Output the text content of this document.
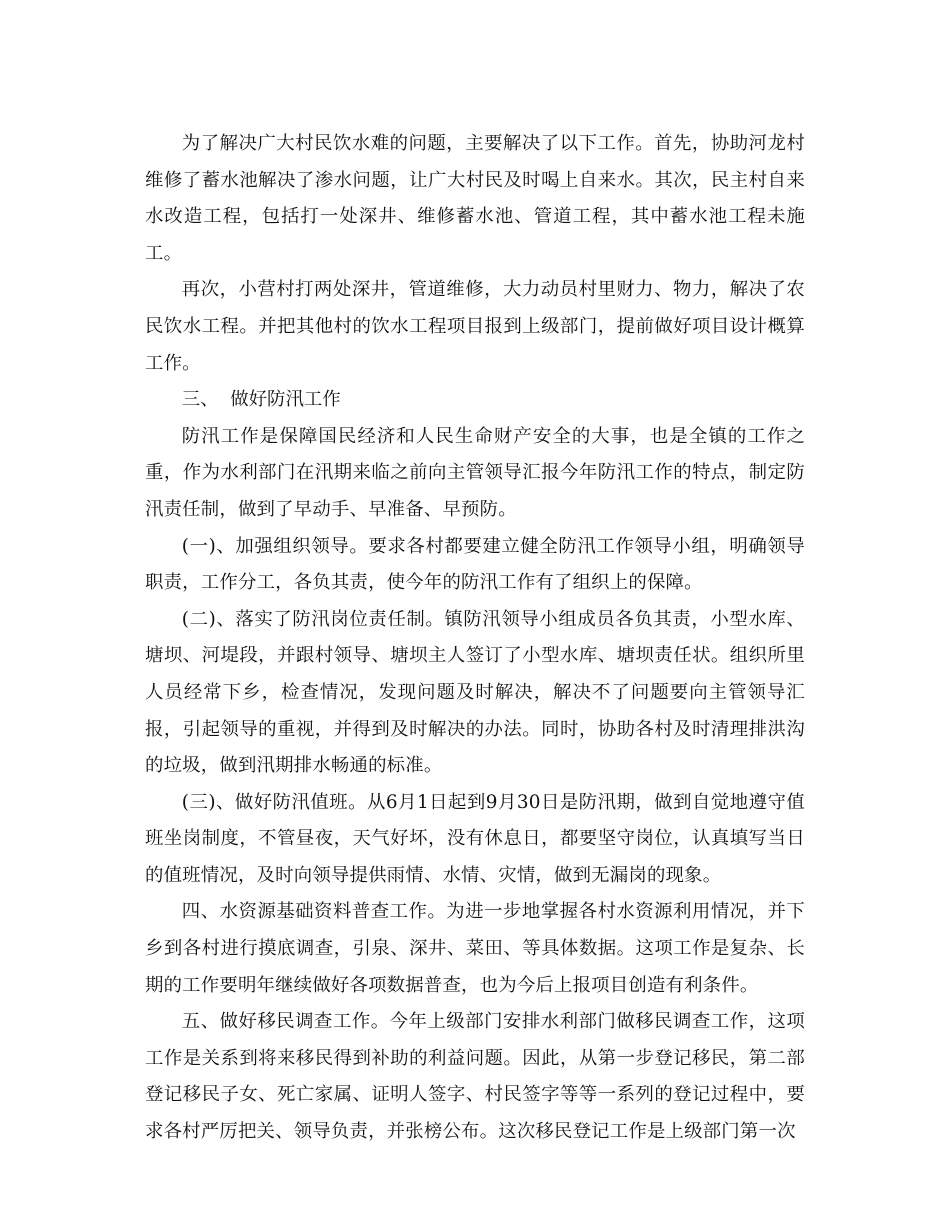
为了解决广大村民饮水难的问题，主要解决了以下工作。首先，协助河龙村维修了蓄水池解决了渗水问题，让广大村民及时喝上自来水。其次，民主村自来水改造工程，包括打一处深井、维修蓄水池、管道工程，其中蓄水池工程未施工。

再次，小营村打两处深井，管道维修，大力动员村里财力、物力，解决了农民饮水工程。并把其他村的饮水工程项目报到上级部门，提前做好项目设计概算工作。

三、  做好防汛工作

防汛工作是保障国民经济和人民生命财产安全的大事，也是全镇的工作之重，作为水利部门在汛期来临之前向主管领导汇报今年防汛工作的特点，制定防汛责任制，做到了早动手、早准备、早预防。

(一)、加强组织领导。要求各村都要建立健全防汛工作领导小组，明确领导职责，工作分工，各负其责，使今年的防汛工作有了组织上的保障。

(二)、落实了防汛岗位责任制。镇防汛领导小组成员各负其责，小型水库、塘坝、河堤段，并跟村领导、塘坝主人签订了小型水库、塘坝责任状。组织所里人员经常下乡，检查情况，发现问题及时解决，解决不了问题要向主管领导汇报，引起领导的重视，并得到及时解决的办法。同时，协助各村及时清理排洪沟的垃圾，做到汛期排水畅通的标准。

(三)、做好防汛值班。从6月1日起到9月30日是防汛期，做到自觉地遵守值班坐岗制度，不管昼夜，天气好坏，没有休息日，都要坚守岗位，认真填写当日的值班情况，及时向领导提供雨情、水情、灾情，做到无漏岗的现象。

四、水资源基础资料普查工作。为进一步地掌握各村水资源利用情况，并下乡到各村进行摸底调查，引泉、深井、菜田、等具体数据。这项工作是复杂、长期的工作要明年继续做好各项数据普查，也为今后上报项目创造有利条件。

五、做好移民调查工作。今年上级部门安排水利部门做移民调查工作，这项工作是关系到将来移民得到补助的利益问题。因此，从第一步登记移民，第二部登记移民子女、死亡家属、证明人签字、村民签字等等一系列的登记过程中，要求各村严厉把关、领导负责，并张榜公布。这次移民登记工作是上级部门第一次
